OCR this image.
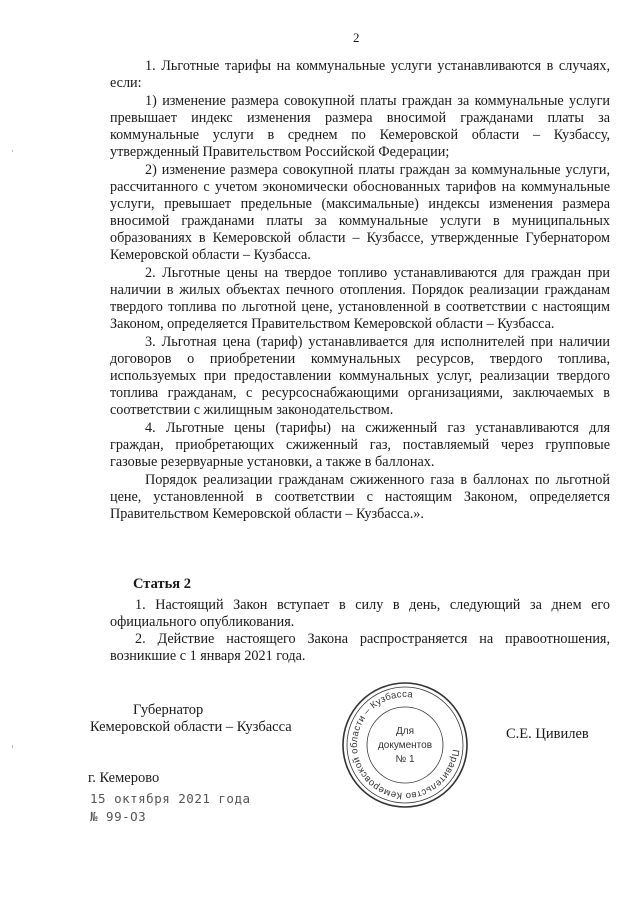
2

1. Льготные тарифы на коммунальные услуги устанавливаются в случаях, если:

1) изменение размера совокупной платы граждан за коммунальные услуги превышает индекс изменения размера вносимой гражданами платы за коммунальные услуги в среднем по Кемеровской области – Кузбассу, утвержденный Правительством Российской Федерации;

2) изменение размера совокупной платы граждан за коммунальные услуги, рассчитанного с учетом экономически обоснованных тарифов на коммунальные услуги, превышает предельные (максимальные) индексы изменения размера вносимой гражданами платы за коммунальные услуги в муниципальных образованиях в Кемеровской области – Кузбассе, утвержденные Губернатором Кемеровской области – Кузбасса.

2. Льготные цены на твердое топливо устанавливаются для граждан при наличии в жилых объектах печного отопления. Порядок реализации гражданам твердого топлива по льготной цене, установленной в соответствии с настоящим Законом, определяется Правительством Кемеровской области – Кузбасса.

3. Льготная цена (тариф) устанавливается для исполнителей при наличии договоров о приобретении коммунальных ресурсов, твердого топлива, используемых при предоставлении коммунальных услуг, реализации твердого топлива гражданам, с ресурсоснабжающими организациями, заключаемых в соответствии с жилищным законодательством.

4. Льготные цены (тарифы) на сжиженный газ устанавливаются для граждан, приобретающих сжиженный газ, поставляемый через групповые газовые резервуарные установки, а также в баллонах.

Порядок реализации гражданам сжиженного газа в баллонах по льготной цене, установленной в соответствии с настоящим Законом, определяется Правительством Кемеровской области – Кузбасса.».

Статья 2

1. Настоящий Закон вступает в силу в день, следующий за днем его официального опубликования.

2. Действие настоящего Закона распространяется на правоотношения, возникшие с 1 января 2021 года.

Губернатор
Кемеровской области – Кузбасса	С.Е. Цивилев
г. Кемерово
15 октября 2021 года
№ 99-ОЗ
Правительство Кемеровской области – Кузбасса
Для
документов
№ 1
